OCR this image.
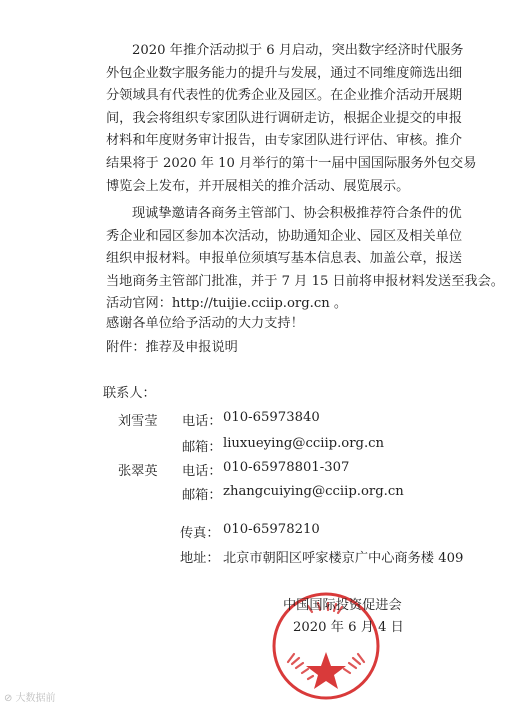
2020 年推介活动拟于 6 月启动，突出数字经济时代服务
外包企业数字服务能力的提升与发展，通过不同维度筛选出细
分领域具有代表性的优秀企业及园区。在企业推介活动开展期
间，我会将组织专家团队进行调研走访，根据企业提交的申报
材料和年度财务审计报告，由专家团队进行评估、审核。推介
结果将于 2020 年 10 月举行的第十一届中国国际服务外包交易
博览会上发布，并开展相关的推介活动、展览展示。

现诚挚邀请各商务主管部门、协会积极推荐符合条件的优
秀企业和园区参加本次活动，协助通知企业、园区及相关单位
组织申报材料。申报单位须填写基本信息表、加盖公章，报送
当地商务主管部门批准，并于 7 月 15 日前将申报材料发送至我会。
活动官网：http://tuijie.cciip.org.cn 。

感谢各单位给予活动的大力支持！

附件：推荐及申报说明

联系人：
刘雪莹 电话： 010-65973840
邮箱： liuxueying@cciip.org.cn
张翠英 电话： 010-65978801-307
邮箱： zhangcuiying@cciip.org.cn
传真： 010-65978210
地址： 北京市朝阳区呼家楼京广中心商务楼 409
中国国际投资促进会
2020 年 6 月 4 日
⊘ 大数据前
